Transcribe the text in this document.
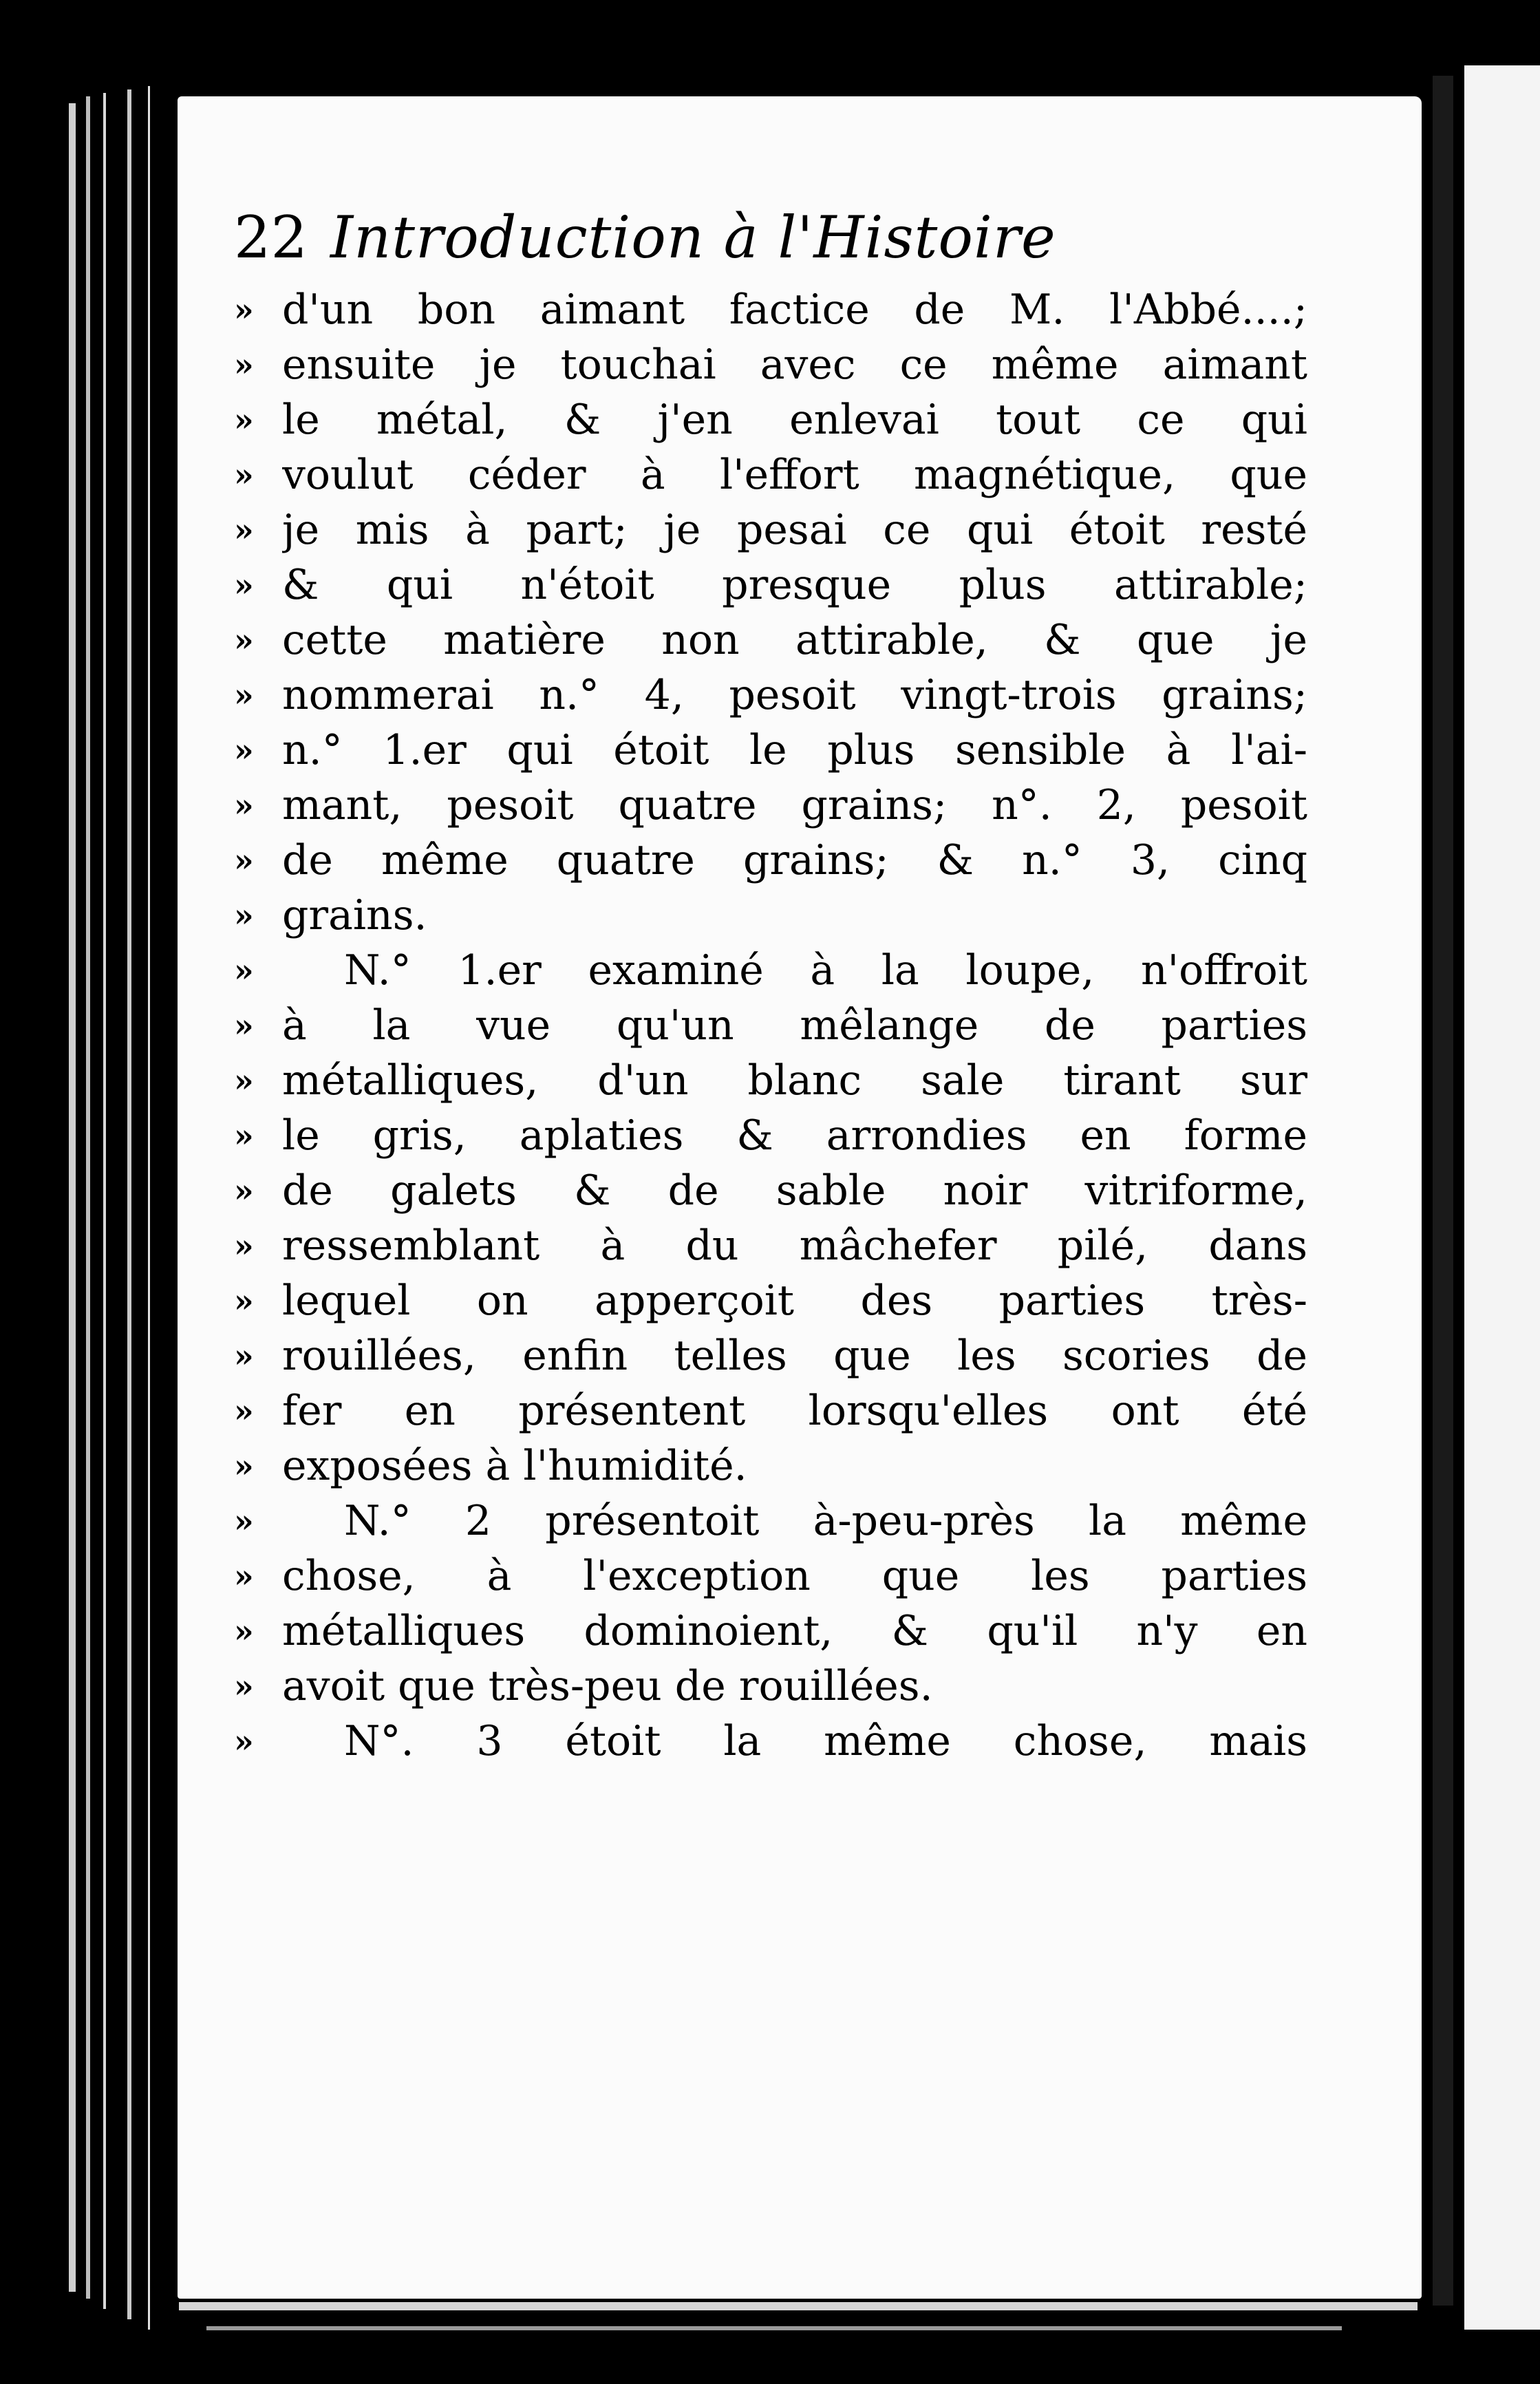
22 Introduction à l'Histoire
» d'un bon aimant factice de M. l'Abbé....;
» ensuite je touchai avec ce même aimant
» le métal, & j'en enlevai tout ce qui
» voulut céder à l'effort magnétique, que
» je mis à part; je pesai ce qui étoit resté
» & qui n'étoit presque plus attirable;
» cette matière non attirable, & que je
» nommerai n.° 4, pesoit vingt-trois grains;
» n.° 1.er qui étoit le plus sensible à l'ai-
» mant, pesoit quatre grains; n°. 2, pesoit
» de même quatre grains; & n.° 3, cinq
» grains.
»	N.° 1.er examiné à la loupe, n'offroit
» à la vue qu'un mêlange de parties
» métalliques, d'un blanc sale tirant sur
» le gris, aplaties & arrondies en forme
» de galets & de sable noir vitriforme,
» ressemblant à du mâchefer pilé, dans
» lequel on apperçoit des parties très-
» rouillées, enfin telles que les scories de
» fer en présentent lorsqu'elles ont été
» exposées à l'humidité.
»	N.° 2 présentoit à-peu-près la même
» chose, à l'exception que les parties
» métalliques dominoient, & qu'il n'y en
» avoit que très-peu de rouillées.
»	N°. 3 étoit la même chose, mais
